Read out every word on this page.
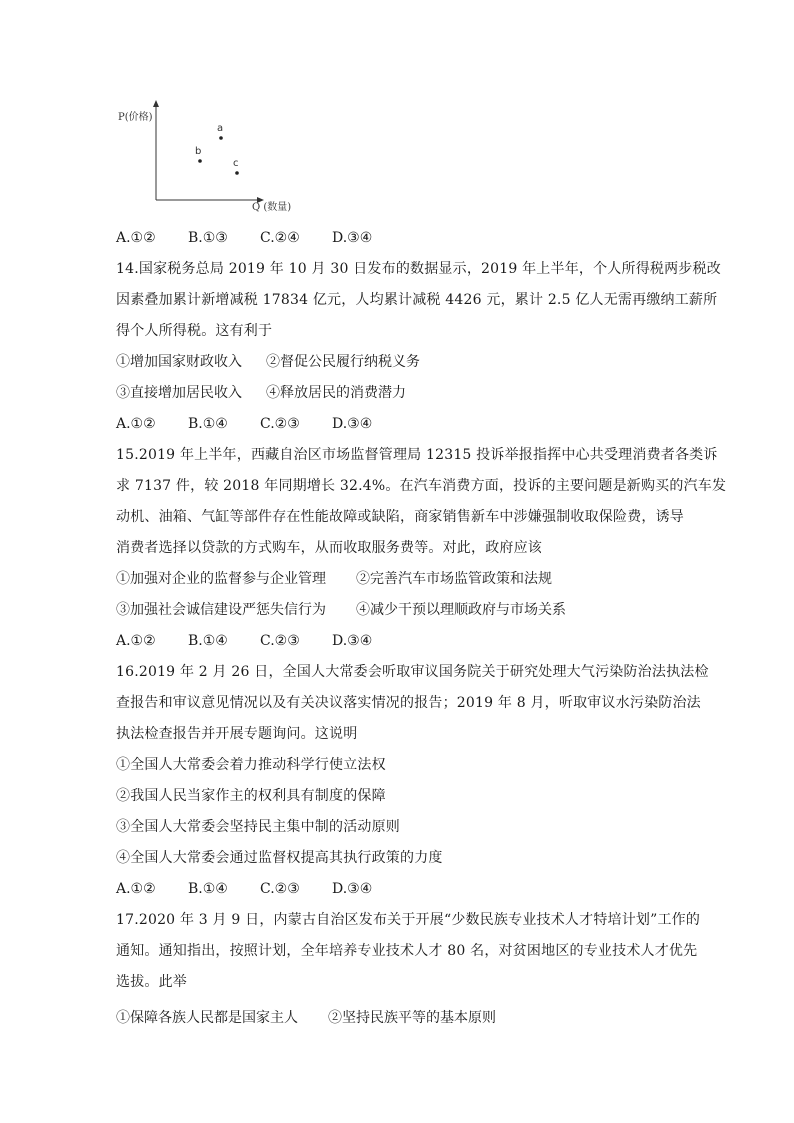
P(价格)
Q (数量)
a
b
c
A.①② B.①③ C.②④ D.③④
14.国家税务总局 2019 年 10 月 30 日发布的数据显示，2019 年上半年，个人所得税两步税改
因素叠加累计新增减税 17834 亿元，人均累计减税 4426 元，累计 2.5 亿人无需再缴纳工薪所
得个人所得税。这有利于
①增加国家财政收入 ②督促公民履行纳税义务
③直接增加居民收入 ④释放居民的消费潜力
A.①② B.①④ C.②③ D.③④
15.2019 年上半年，西藏自治区市场监督管理局 12315 投诉举报指挥中心共受理消费者各类诉
求 7137 件，较 2018 年同期增长 32.4%。在汽车消费方面，投诉的主要问题是新购买的汽车发
动机、油箱、气缸等部件存在性能故障或缺陷，商家销售新车中涉嫌强制收取保险费，诱导
消费者选择以贷款的方式购车，从而收取服务费等。对此，政府应该
①加强对企业的监督参与企业管理 ②完善汽车市场监管政策和法规
③加强社会诚信建设严惩失信行为 ④减少干预以理顺政府与市场关系
A.①② B.①④ C.②③ D.③④
16.2019 年 2 月 26 日，全国人大常委会听取审议国务院关于研究处理大气污染防治法执法检
查报告和审议意见情况以及有关决议落实情况的报告；2019 年 8 月，听取审议水污染防治法
执法检查报告并开展专题询问。这说明
①全国人大常委会着力推动科学行使立法权
②我国人民当家作主的权利具有制度的保障
③全国人大常委会坚持民主集中制的活动原则
④全国人大常委会通过监督权提高其执行政策的力度
A.①② B.①④ C.②③ D.③④
17.2020 年 3 月 9 日，内蒙古自治区发布关于开展“少数民族专业技术人才特培计划”工作的
通知。通知指出，按照计划，全年培养专业技术人才 80 名，对贫困地区的专业技术人才优先
选拔。此举
①保障各族人民都是国家主人 ②坚持民族平等的基本原则
